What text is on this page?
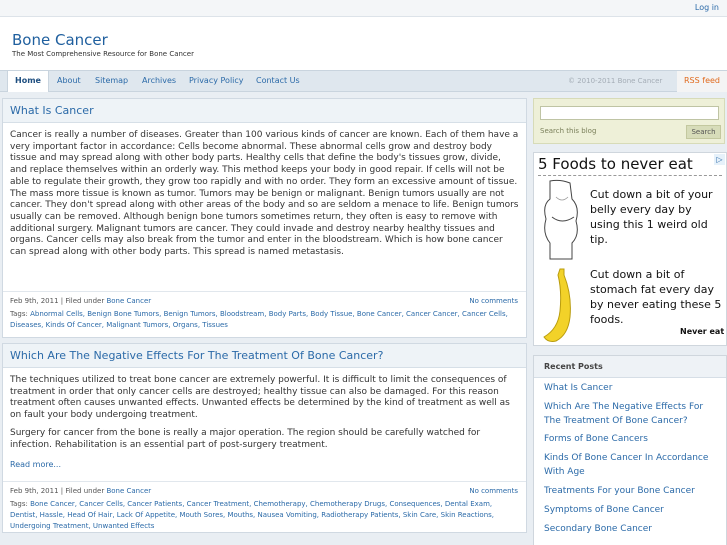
Log in
Bone Cancer
The Most Comprehensive Resource for Bone Cancer
Home	About Sitemap Archives Privacy Policy Contact Us	© 2010-2011 Bone Cancer	RSS feed
What Is Cancer

Cancer is really a number of diseases. Greater than 100 various kinds of cancer are known. Each of them have a very important factor in accordance: Cells become abnormal. These abnormal cells grow and destroy body tissue and may spread along with other body parts. Healthy cells that define the body's tissues grow, divide, and replace themselves within an orderly way. This method keeps your body in good repair. If cells will not be able to regulate their growth, they grow too rapidly and with no order. They form an excessive amount of tissue. The mass more tissue is known as tumor. Tumors may be benign or malignant. Benign tumors usually are not cancer. They don't spread along with other areas of the body and so are seldom a menace to life. Benign tumors usually can be removed. Although benign bone tumors sometimes return, they often is easy to remove with additional surgery. Malignant tumors are cancer. They could invade and destroy nearby healthy tissues and organs. Cancer cells may also break from the tumor and enter in the bloodstream. Which is how bone cancer can spread along with other body parts. This spread is named metastasis.

Feb 9th, 2011 | Filed under Bone Cancer	No comments
Tags: Abnormal Cells, Benign Bone Tumors, Benign Tumors, Bloodstream, Body Parts, Body Tissue, Bone Cancer, Cancer Cancer, Cancer Cells, Diseases, Kinds Of Cancer, Malignant Tumors, Organs, Tissues
Which Are The Negative Effects For The Treatment Of Bone Cancer?

The techniques utilized to treat bone cancer are extremely powerful. It is difficult to limit the consequences of treatment in order that only cancer cells are destroyed; healthy tissue can also be damaged. For this reason treatment often causes unwanted effects. Unwanted effects be determined by the kind of treatment as well as on fault your body undergoing treatment.

Surgery for cancer from the bone is really a major operation. The region should be carefully watched for infection. Rehabilitation is an essential part of post-surgery treatment.

Read more...
Feb 9th, 2011 | Filed under Bone Cancer	No comments
Tags: Bone Cancer, Cancer Cells, Cancer Patients, Cancer Treatment, Chemotherapy, Chemotherapy Drugs, Consequences, Dental Exam, Dentist, Hassle, Head Of Hair, Lack Of Appetite, Mouth Sores, Mouths, Nausea Vomiting, Radiotherapy Patients, Skin Care, Skin Reactions, Undergoing Treatment, Unwanted Effects
Search this blog	Search
▷
5 Foods to never eat
Cut down a bit of your belly every day by using this 1 weird old tip.
Cut down a bit of stomach fat every day by never eating these 5 foods.
Never eat
Recent Posts
What Is Cancer
Which Are The Negative Effects For The Treatment Of Bone Cancer?
Forms of Bone Cancers
Kinds Of Bone Cancer In Accordance With Age
Treatments For your Bone Cancer
Symptoms of Bone Cancer
Secondary Bone Cancer
